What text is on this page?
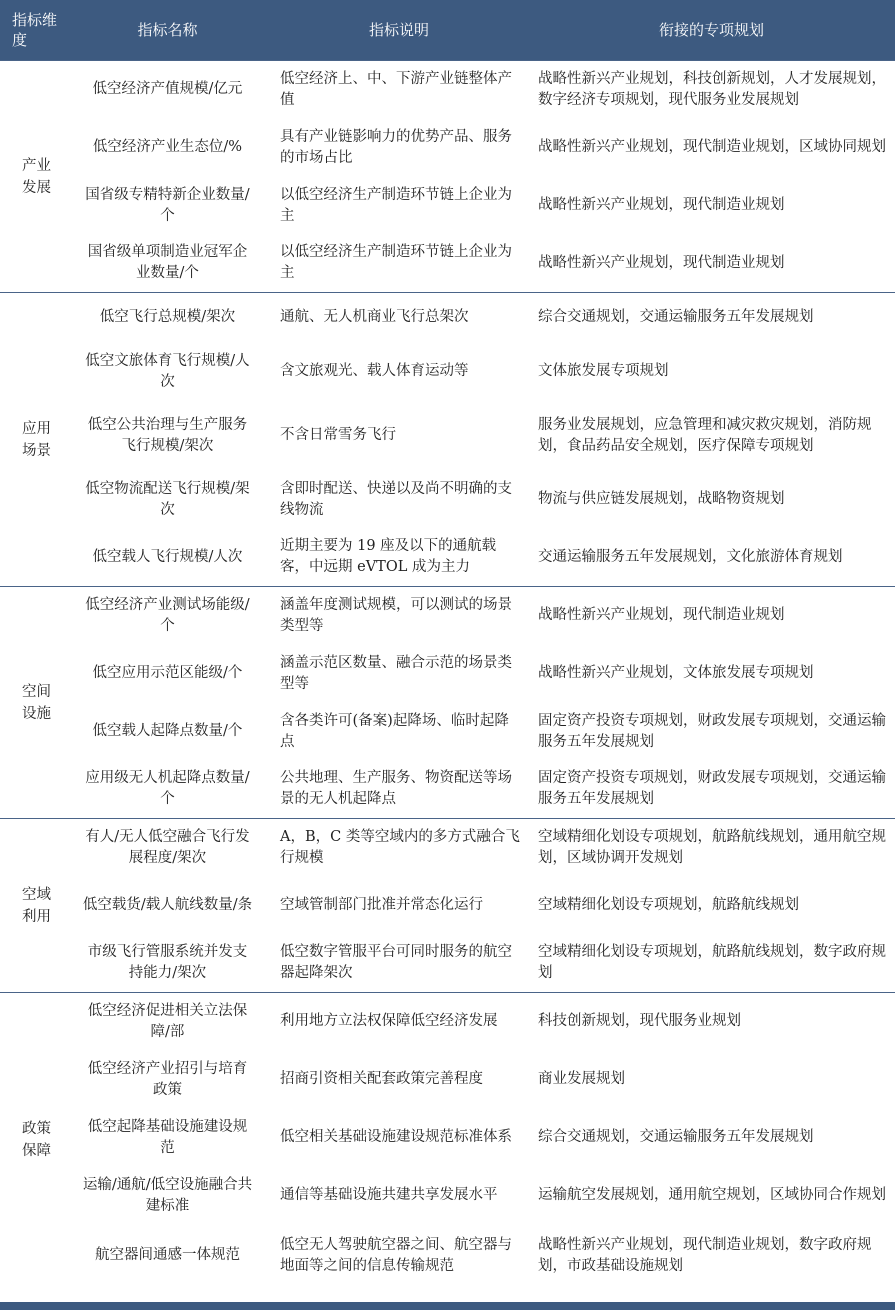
指标维度	指标名称	指标说明	衔接的专项规划
产业发展	低空经济产值规模/亿元	低空经济上、中、下游产业链整体产值	战略性新兴产业规划，科技创新规划，人才发展规划，数字经济专项规划，现代服务业发展规划
	低空经济产业生态位/%	具有产业链影响力的优势产品、服务的市场占比	战略性新兴产业规划，现代制造业规划，区域协同规划
	国省级专精特新企业数量/个	以低空经济生产制造环节链上企业为主	战略性新兴产业规划，现代制造业规划
	国省级单项制造业冠军企业数量/个	以低空经济生产制造环节链上企业为主	战略性新兴产业规划，现代制造业规划
应用场景	低空飞行总规模/架次	通航、无人机商业飞行总架次	综合交通规划，交通运输服务五年发展规划
	低空文旅体育飞行规模/人次	含文旅观光、载人体育运动等	文体旅发展专项规划
	低空公共治理与生产服务飞行规模/架次	不含日常雪务飞行	服务业发展规划，应急管理和减灾救灾规划，消防规划，食品药品安全规划，医疗保障专项规划
	低空物流配送飞行规模/架次	含即时配送、快递以及尚不明确的支线物流	物流与供应链发展规划，战略物资规划
	低空载人飞行规模/人次	近期主要为 19 座及以下的通航载客，中远期 eVTOL 成为主力	交通运输服务五年发展规划，文化旅游体育规划
空间设施	低空经济产业测试场能级/个	涵盖年度测试规模，可以测试的场景类型等	战略性新兴产业规划，现代制造业规划
	低空应用示范区能级/个	涵盖示范区数量、融合示范的场景类型等	战略性新兴产业规划，文体旅发展专项规划
	低空载人起降点数量/个	含各类许可(备案)起降场、临时起降点	固定资产投资专项规划，财政发展专项规划，交通运输服务五年发展规划
	应用级无人机起降点数量/个	公共地理、生产服务、物资配送等场景的无人机起降点	固定资产投资专项规划，财政发展专项规划，交通运输服务五年发展规划
空域利用	有人/无人低空融合飞行发展程度/架次	A，B，C 类等空域内的多方式融合飞行规模	空域精细化划设专项规划，航路航线规划，通用航空规划，区域协调开发规划
	低空载货/载人航线数量/条	空域管制部门批准并常态化运行	空域精细化划设专项规划，航路航线规划
	市级飞行管服系统并发支持能力/架次	低空数字管服平台可同时服务的航空器起降架次	空域精细化划设专项规划，航路航线规划，数字政府规划
政策保障	低空经济促进相关立法保障/部	利用地方立法权保障低空经济发展	科技创新规划，现代服务业规划
	低空经济产业招引与培育政策	招商引资相关配套政策完善程度	商业发展规划
	低空起降基础设施建设规范	低空相关基础设施建设规范标准体系	综合交通规划，交通运输服务五年发展规划
	运输/通航/低空设施融合共建标准	通信等基础设施共建共享发展水平	运输航空发展规划，通用航空规划，区域协同合作规划
	航空器间通感一体规范	低空无人驾驶航空器之间、航空器与地面等之间的信息传输规范	战略性新兴产业规划，现代制造业规划，数字政府规划，市政基础设施规划
